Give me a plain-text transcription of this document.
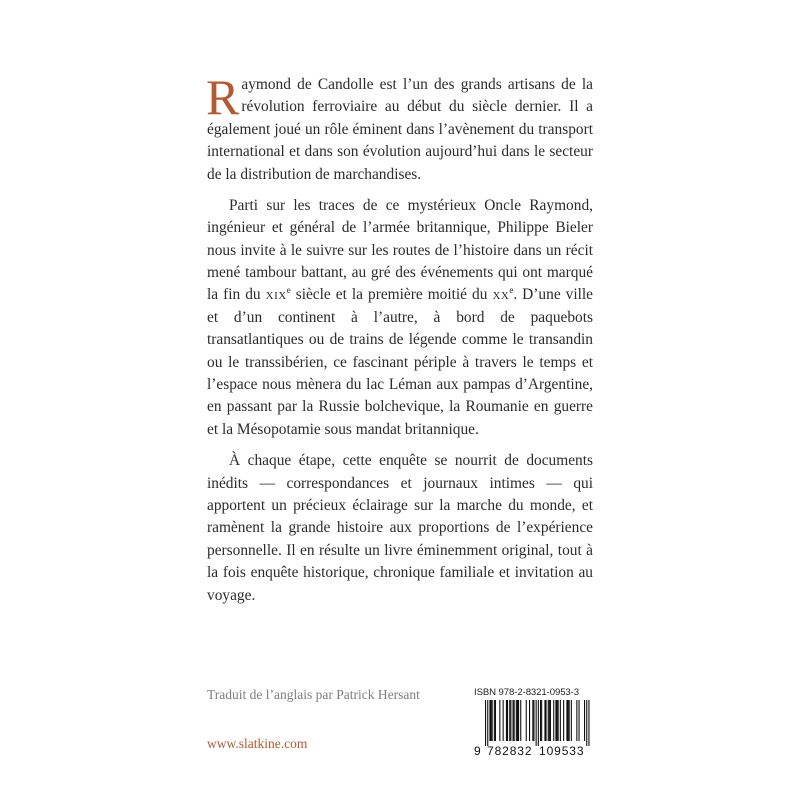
Raymond de Candolle est l’un des grands artisans de la révolution ferroviaire au début du siècle dernier. Il a également joué un rôle éminent dans l’avènement du transport international et dans son évolution aujourd’hui dans le secteur de la distribution de marchandises.

Parti sur les traces de ce mystérieux Oncle Raymond, ingénieur et général de l’armée britannique, Philippe Bieler nous invite à le suivre sur les routes de l’histoire dans un récit mené tambour battant, au gré des événements qui ont marqué la fin du xix$^e$ siècle et la première moitié du $xx^e$. D’une ville et d’un continent à l’autre, à bord de paquebots transatlantiques ou de trains de légende comme le transandin ou le transsibérien, ce fascinant périple à travers le temps et l’espace nous mènera du lac Léman aux pampas d’Argentine, en passant par la Russie bolchevique, la Roumanie en guerre et la Mésopotamie sous mandat britannique.

À chaque étape, cette enquête se nourrit de documents inédits — correspondances et journaux intimes — qui apportent un précieux éclairage sur la marche du monde, et ramènent la grande histoire aux proportions de l’expérience personnelle. Il en résulte un livre éminemment original, tout à la fois enquête historique, chronique familiale et invitation au voyage.

Traduit de l’anglais par Patrick Hersant
www.slatkine.com
ISBN 978-2-8321-0953-3
9 782832 109533
